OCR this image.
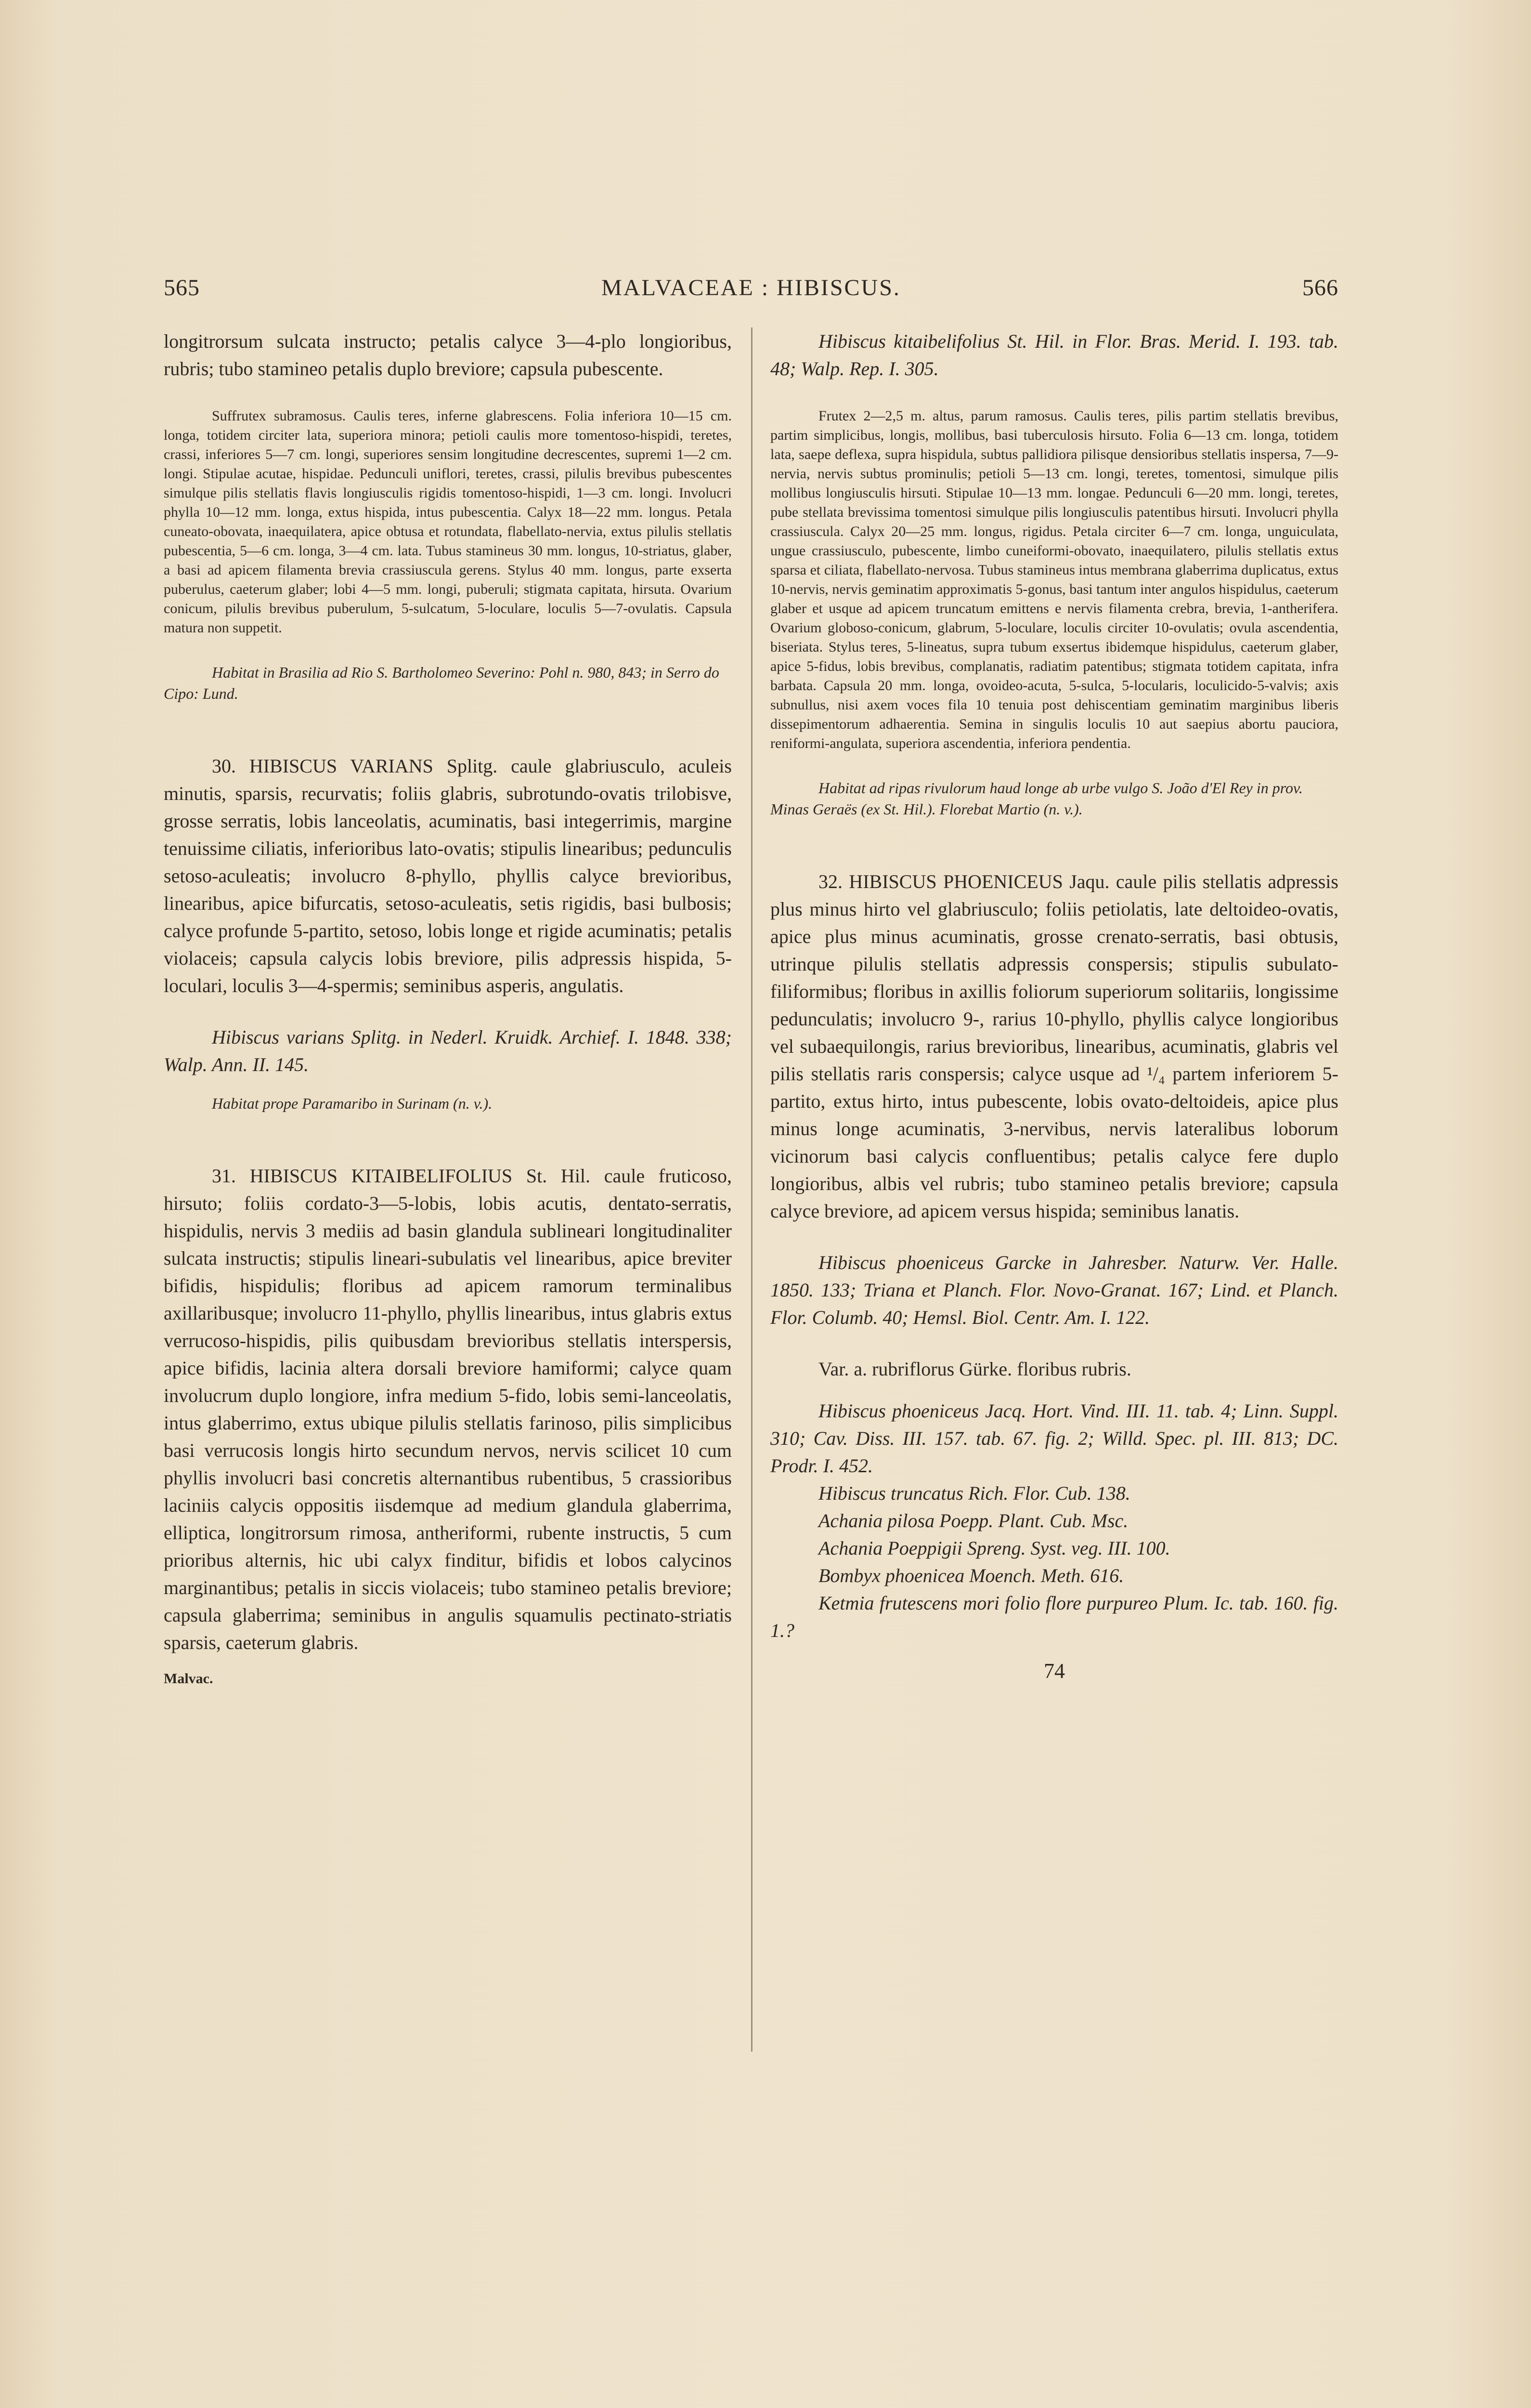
565	MALVACEAE : HIBISCUS.	566

longitrorsum sulcata instructo; petalis calyce 3—4-plo longioribus, rubris; tubo stamineo petalis duplo breviore; capsula pubescente.

Suffrutex subramosus. Caulis teres, inferne glabrescens. Folia inferiora 10—15 cm. longa, totidem circiter lata, superiora minora; petioli caulis more tomentoso-hispidi, teretes, crassi, inferiores 5—7 cm. longi, superiores sensim longitudine decrescentes, supremi 1—2 cm. longi. Stipulae acutae, hispidae. Pedunculi uniflori, teretes, crassi, pilulis brevibus pubescentes simulque pilis stellatis flavis longiusculis rigidis tomentoso-hispidi, 1—3 cm. longi. Involucri phylla 10—12 mm. longa, extus hispida, intus pubescentia. Calyx 18—22 mm. longus. Petala cuneato-obovata, inaequilatera, apice obtusa et rotundata, flabellato-nervia, extus pilulis stellatis pubescentia, 5—6 cm. longa, 3—4 cm. lata. Tubus stamineus 30 mm. longus, 10-striatus, glaber, a basi ad apicem filamenta brevia crassiuscula gerens. Stylus 40 mm. longus, parte exserta puberulus, caeterum glaber; lobi 4—5 mm. longi, puberuli; stigmata capitata, hirsuta. Ovarium conicum, pilulis brevibus puberulum, 5-sulcatum, 5-loculare, loculis 5—7-ovulatis. Capsula matura non suppetit.

Habitat in Brasilia ad Rio S. Bartholomeo Severino: Pohl n. 980, 843; in Serro do Cipo: Lund.

30. HIBISCUS VARIANS Splitg. caule glabriusculo, aculeis minutis, sparsis, recurvatis; foliis glabris, subrotundo-ovatis trilobisve, grosse serratis, lobis lanceolatis, acuminatis, basi integerrimis, margine tenuissime ciliatis, inferioribus lato-ovatis; stipulis linearibus; pedunculis setoso-aculeatis; involucro 8-phyllo, phyllis calyce brevioribus, linearibus, apice bifurcatis, setoso-aculeatis, setis rigidis, basi bulbosis; calyce profunde 5-partito, setoso, lobis longe et rigide acuminatis; petalis violaceis; capsula calycis lobis breviore, pilis adpressis hispida, 5-loculari, loculis 3—4-spermis; seminibus asperis, angulatis.

Hibiscus varians Splitg. in Nederl. Kruidk. Archief. I. 1848. 338; Walp. Ann. II. 145.

Habitat prope Paramaribo in Surinam (n. v.).

31. HIBISCUS KITAIBELIFOLIUS St. Hil. caule fruticoso, hirsuto; foliis cordato-3—5-lobis, lobis acutis, dentato-serratis, hispidulis, nervis 3 mediis ad basin glandula sublineari longitudinaliter sulcata instructis; stipulis lineari-subulatis vel linearibus, apice breviter bifidis, hispidulis; floribus ad apicem ramorum terminalibus axillaribusque; involucro 11-phyllo, phyllis linearibus, intus glabris extus verrucoso-hispidis, pilis quibusdam brevioribus stellatis interspersis, apice bifidis, lacinia altera dorsali breviore hamiformi; calyce quam involucrum duplo longiore, infra medium 5-fido, lobis semi-lanceolatis, intus glaberrimo, extus ubique pilulis stellatis farinoso, pilis simplicibus basi verrucosis longis hirto secundum nervos, nervis scilicet 10 cum phyllis involucri basi concretis alternantibus rubentibus, 5 crassioribus laciniis calycis oppositis iisdemque ad medium glandula glaberrima, elliptica, longitrorsum rimosa, antheriformi, rubente instructis, 5 cum prioribus alternis, hic ubi calyx finditur, bifidis et lobos calycinos marginantibus; petalis in siccis violaceis; tubo stamineo petalis breviore; capsula glaberrima; seminibus in angulis squamulis pectinato-striatis sparsis, caeterum glabris.

Malvac.

Hibiscus kitaibelifolius St. Hil. in Flor. Bras. Merid. I. 193. tab. 48; Walp. Rep. I. 305.

Frutex 2—2,5 m. altus, parum ramosus. Caulis teres, pilis partim stellatis brevibus, partim simplicibus, longis, mollibus, basi tuberculosis hirsuto. Folia 6—13 cm. longa, totidem lata, saepe deflexa, supra hispidula, subtus pallidiora pilisque densioribus stellatis inspersa, 7—9-nervia, nervis subtus prominulis; petioli 5—13 cm. longi, teretes, tomentosi, simulque pilis mollibus longiusculis hirsuti. Stipulae 10—13 mm. longae. Pedunculi 6—20 mm. longi, teretes, pube stellata brevissima tomentosi simulque pilis longiusculis patentibus hirsuti. Involucri phylla crassiuscula. Calyx 20—25 mm. longus, rigidus. Petala circiter 6—7 cm. longa, unguiculata, ungue crassiusculo, pubescente, limbo cuneiformi-obovato, inaequilatero, pilulis stellatis extus sparsa et ciliata, flabellato-nervosa. Tubus stamineus intus membrana glaberrima duplicatus, extus 10-nervis, nervis geminatim approximatis 5-gonus, basi tantum inter angulos hispidulus, caeterum glaber et usque ad apicem truncatum emittens e nervis filamenta crebra, brevia, 1-antherifera. Ovarium globoso-conicum, glabrum, 5-loculare, loculis circiter 10-ovulatis; ovula ascendentia, biseriata. Stylus teres, 5-lineatus, supra tubum exsertus ibidemque hispidulus, caeterum glaber, apice 5-fidus, lobis brevibus, complanatis, radiatim patentibus; stigmata totidem capitata, infra barbata. Capsula 20 mm. longa, ovoideo-acuta, 5-sulca, 5-locularis, loculicido-5-valvis; axis subnullus, nisi axem voces fila 10 tenuia post dehiscentiam geminatim marginibus liberis dissepimentorum adhaerentia. Semina in singulis loculis 10 aut saepius abortu pauciora, reniformi-angulata, superiora ascendentia, inferiora pendentia.

Habitat ad ripas rivulorum haud longe ab urbe vulgo S. João d'El Rey in prov. Minas Geraës (ex St. Hil.). Florebat Martio (n. v.).

32. HIBISCUS PHOENICEUS Jaqu. caule pilis stellatis adpressis plus minus hirto vel glabriusculo; foliis petiolatis, late deltoideo-ovatis, apice plus minus acuminatis, grosse crenato-serratis, basi obtusis, utrinque pilulis stellatis adpressis conspersis; stipulis subulato-filiformibus; floribus in axillis foliorum superiorum solitariis, longissime pedunculatis; involucro 9-, rarius 10-phyllo, phyllis calyce longioribus vel subaequilongis, rarius brevioribus, linearibus, acuminatis, glabris vel pilis stellatis raris conspersis; calyce usque ad ¹/₄ partem inferiorem 5-partito, extus hirto, intus pubescente, lobis ovato-deltoideis, apice plus minus longe acuminatis, 3-nervibus, nervis lateralibus loborum vicinorum basi calycis confluentibus; petalis calyce fere duplo longioribus, albis vel rubris; tubo stamineo petalis breviore; capsula calyce breviore, ad apicem versus hispida; seminibus lanatis.

Hibiscus phoeniceus Garcke in Jahresber. Naturw. Ver. Halle. 1850. 133; Triana et Planch. Flor. Novo-Granat. 167; Lind. et Planch. Flor. Columb. 40; Hemsl. Biol. Centr. Am. I. 122.

Var. a. rubriflorus Gürke. floribus rubris.

Hibiscus phoeniceus Jacq. Hort. Vind. III. 11. tab. 4; Linn. Suppl. 310; Cav. Diss. III. 157. tab. 67. fig. 2; Willd. Spec. pl. III. 813; DC. Prodr. I. 452.

Hibiscus truncatus Rich. Flor. Cub. 138.

Achania pilosa Poepp. Plant. Cub. Msc.

Achania Poeppigii Spreng. Syst. veg. III. 100.

Bombyx phoenicea Moench. Meth. 616.

Ketmia frutescens mori folio flore purpureo Plum. Ic. tab. 160. fig. 1.?

74
